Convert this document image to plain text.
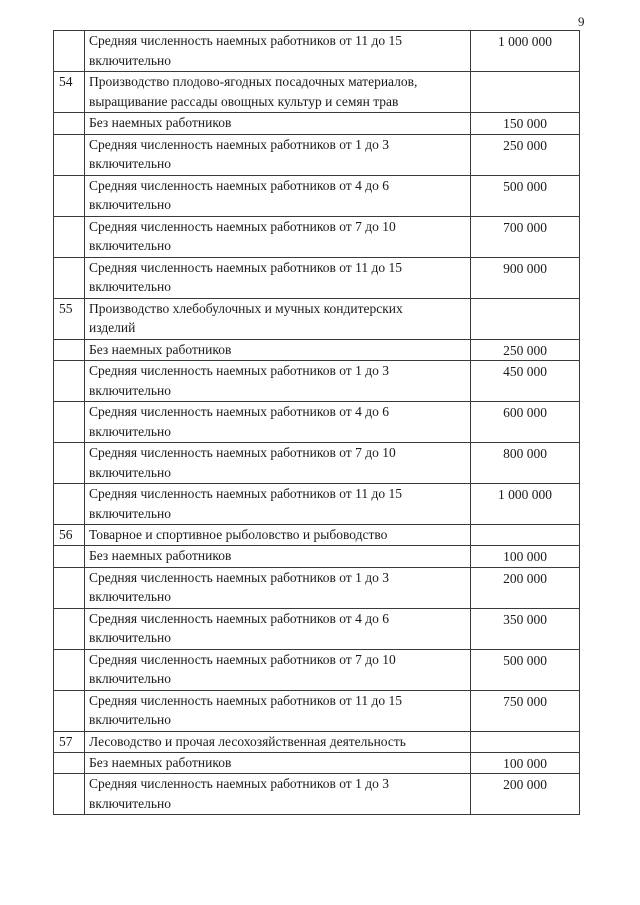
9
	Средняя численность наемных работников от 11 до 15
включительно	1 000 000
54	Производство плодово-ягодных посадочных материалов,
выращивание рассады овощных культур и семян трав	

	Без наемных работников	150 000
	Средняя численность наемных работников от 1 до 3
включительно	250 000
	Средняя численность наемных работников от 4 до 6
включительно	500 000
	Средняя численность наемных работников от 7 до 10
включительно	700 000
	Средняя численность наемных работников от 11 до 15
включительно	900 000
55	Производство хлебобулочных и мучных кондитерских
изделий	

	Без наемных работников	250 000
	Средняя численность наемных работников от 1 до 3
включительно	450 000
	Средняя численность наемных работников от 4 до 6
включительно	600 000
	Средняя численность наемных работников от 7 до 10
включительно	800 000
	Средняя численность наемных работников от 11 до 15
включительно	1 000 000
56	Товарное и спортивное рыболовство и рыбоводство	
	Без наемных работников	100 000
	Средняя численность наемных работников от 1 до 3
включительно	200 000
	Средняя численность наемных работников от 4 до 6
включительно	350 000
	Средняя численность наемных работников от 7 до 10
включительно	500 000
	Средняя численность наемных работников от 11 до 15
включительно	750 000
57	Лесоводство и прочая лесохозяйственная деятельность	
	Без наемных работников	100 000
	Средняя численность наемных работников от 1 до 3
включительно	200 000
